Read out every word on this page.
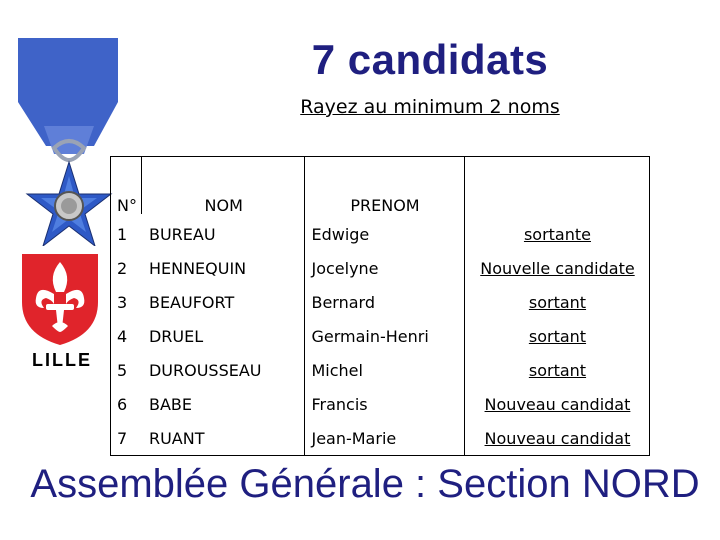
7 candidats
Rayez au minimum 2 noms
LILLE
N°	NOM	PRENOM	
1	BUREAU	Edwige	sortante
2	HENNEQUIN	Jocelyne	Nouvelle candidate
3	BEAUFORT	Bernard	sortant
4	DRUEL	Germain-Henri	sortant
5	DUROUSSEAU	Michel	sortant
6	BABE	Francis	Nouveau candidat
7	RUANT	Jean-Marie	Nouveau candidat
Assemblée Générale : Section NORD
